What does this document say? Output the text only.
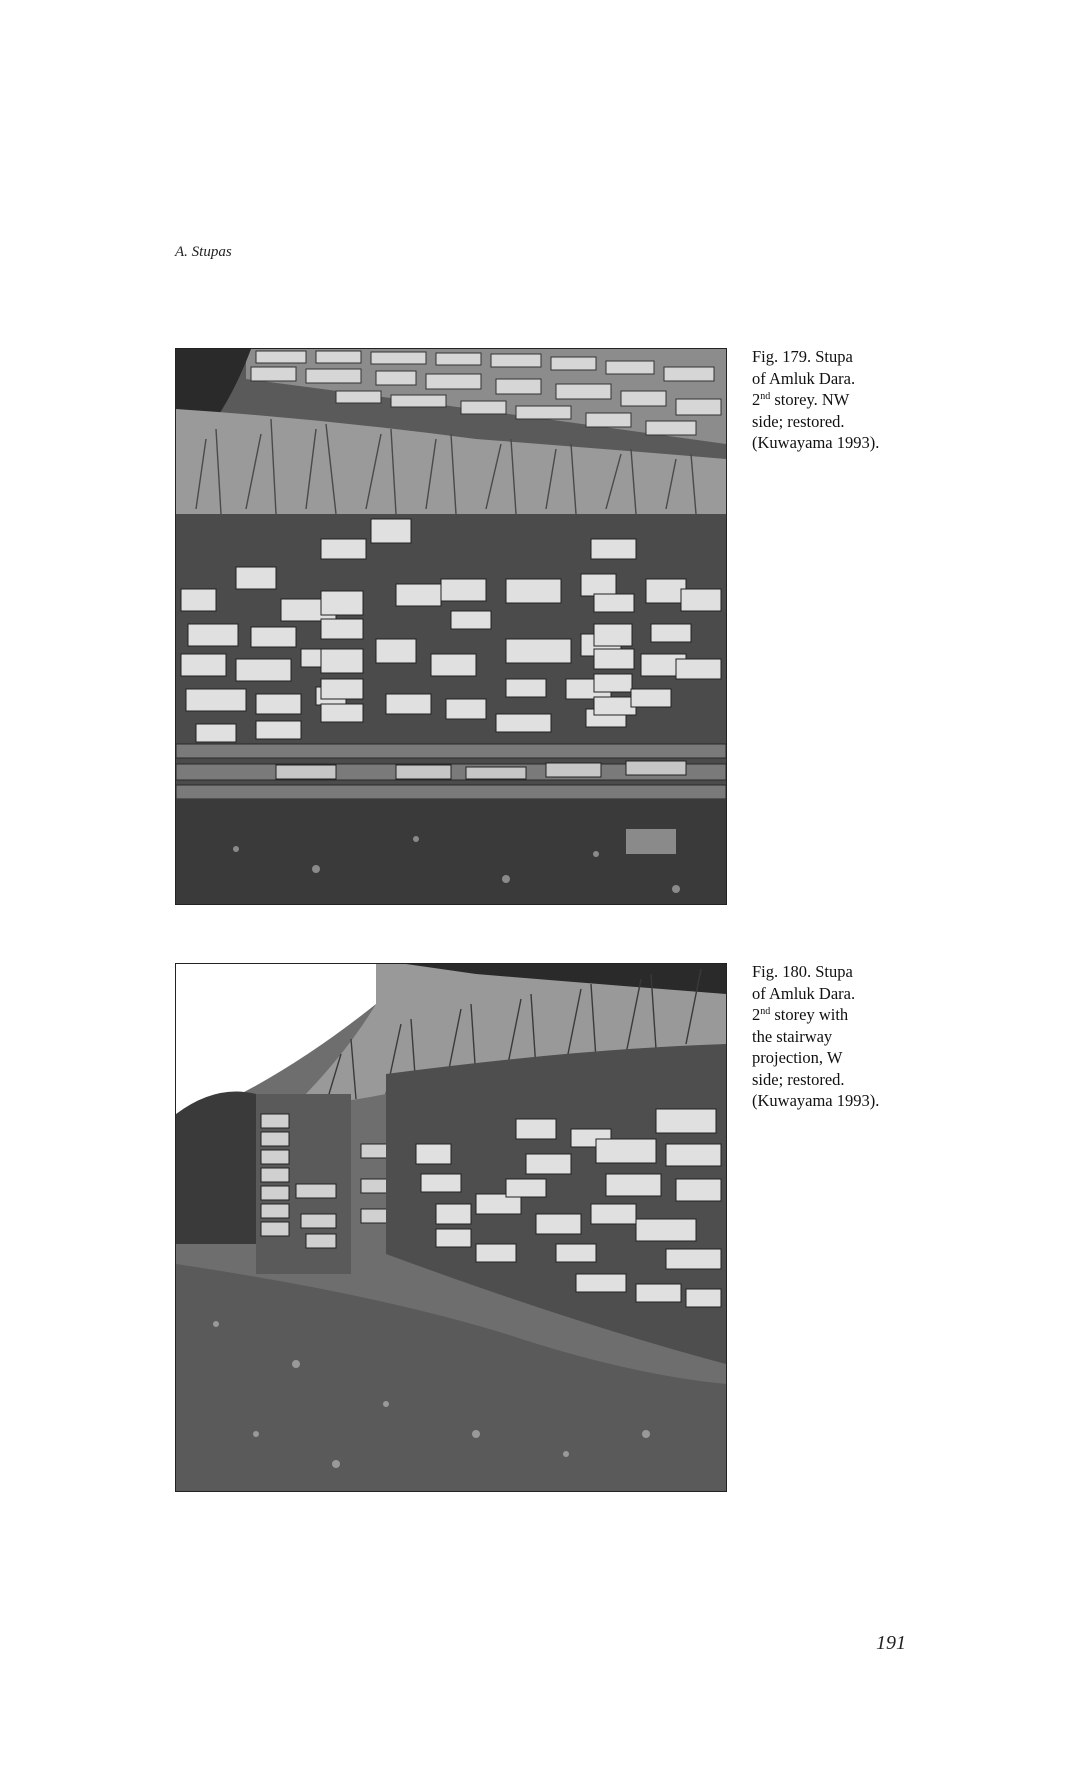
A. Stupas

Fig. 179. Stupa

of Amluk Dara.

2nd storey. NW

side; restored.

(Kuwayama 1993).

Fig. 180. Stupa

of Amluk Dara.

2nd storey with

the stairway

projection, W

side; restored.

(Kuwayama 1993).

191
